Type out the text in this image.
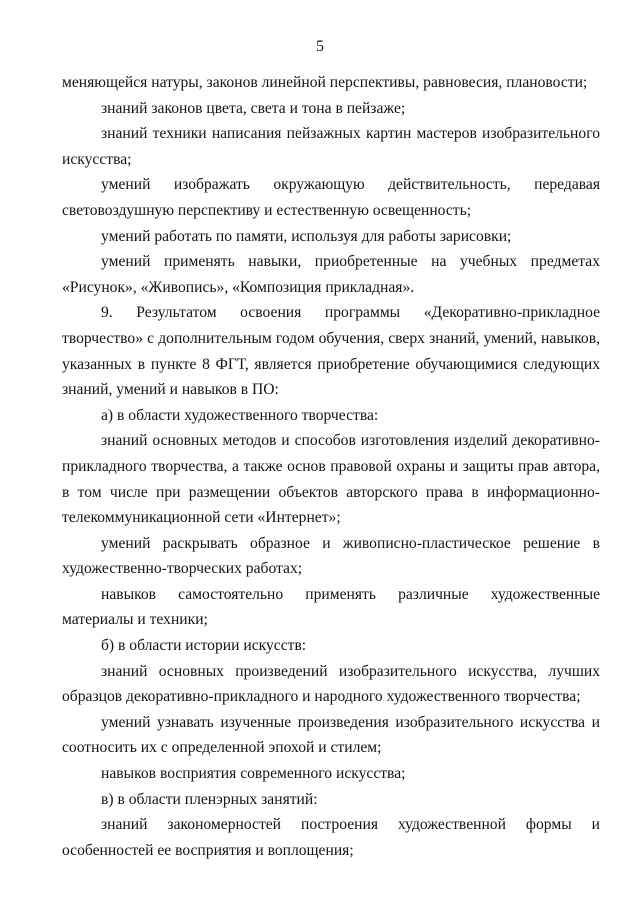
5

меняющейся натуры, законов линейной перспективы, равновесия, плановости;

знаний законов цвета, света и тона в пейзаже;

знаний техники написания пейзажных картин мастеров изобразительного искусства;

умений изображать окружающую действительность, передавая световоздушную перспективу и естественную освещенность;

умений работать по памяти, используя для работы зарисовки;

умений применять навыки, приобретенные на учебных предметах «Рисунок», «Живопись», «Композиция прикладная».

9. Результатом освоения программы «Декоративно-прикладное творчество» с дополнительным годом обучения, сверх знаний, умений, навыков, указанных в пункте 8 ФГТ, является приобретение обучающимися следующих знаний, умений и навыков в ПО:

а) в области художественного творчества:

знаний основных методов и способов изготовления изделий декоративно-прикладного творчества, а также основ правовой охраны и защиты прав автора, в том числе при размещении объектов авторского права в информационно-телекоммуникационной сети «Интернет»;

умений раскрывать образное и живописно-пластическое решение в художественно-творческих работах;

навыков самостоятельно применять различные художественные материалы и техники;

б) в области истории искусств:

знаний основных произведений изобразительного искусства, лучших образцов декоративно-прикладного и народного художественного творчества;

умений узнавать изученные произведения изобразительного искусства и соотносить их с определенной эпохой и стилем;

навыков восприятия современного искусства;

в) в области пленэрных занятий:

знаний закономерностей построения художественной формы и особенностей ее восприятия и воплощения;
